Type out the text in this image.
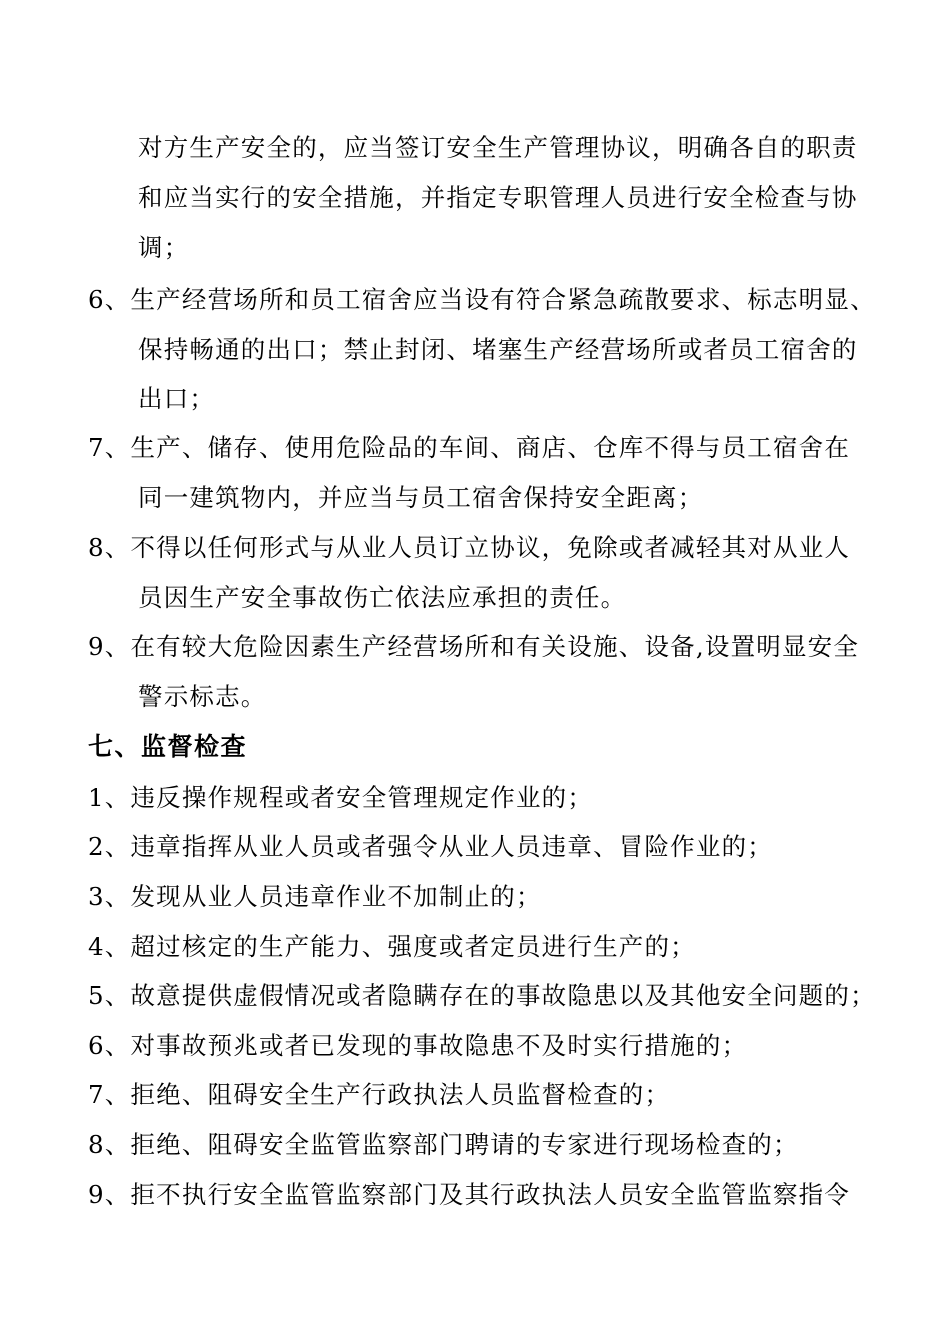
对方生产安全的，应当签订安全生产管理协议，明确各自的职责
和应当实行的安全措施，并指定专职管理人员进行安全检查与协
调；
6、生产经营场所和员工宿舍应当设有符合紧急疏散要求、标志明显、
保持畅通的出口；禁止封闭、堵塞生产经营场所或者员工宿舍的
出口；
7、生产、储存、使用危险品的车间、商店、仓库不得与员工宿舍在
同一建筑物内，并应当与员工宿舍保持安全距离；
8、不得以任何形式与从业人员订立协议，免除或者减轻其对从业人
员因生产安全事故伤亡依法应承担的责任。
9、在有较大危险因素生产经营场所和有关设施、设备,设置明显安全
警示标志。
七、监督检查
1、违反操作规程或者安全管理规定作业的；
2、违章指挥从业人员或者强令从业人员违章、冒险作业的；
3、发现从业人员违章作业不加制止的；
4、超过核定的生产能力、强度或者定员进行生产的；
5、故意提供虚假情况或者隐瞒存在的事故隐患以及其他安全问题的；
6、对事故预兆或者已发现的事故隐患不及时实行措施的；
7、拒绝、阻碍安全生产行政执法人员监督检查的；
8、拒绝、阻碍安全监管监察部门聘请的专家进行现场检查的；
9、拒不执行安全监管监察部门及其行政执法人员安全监管监察指令
